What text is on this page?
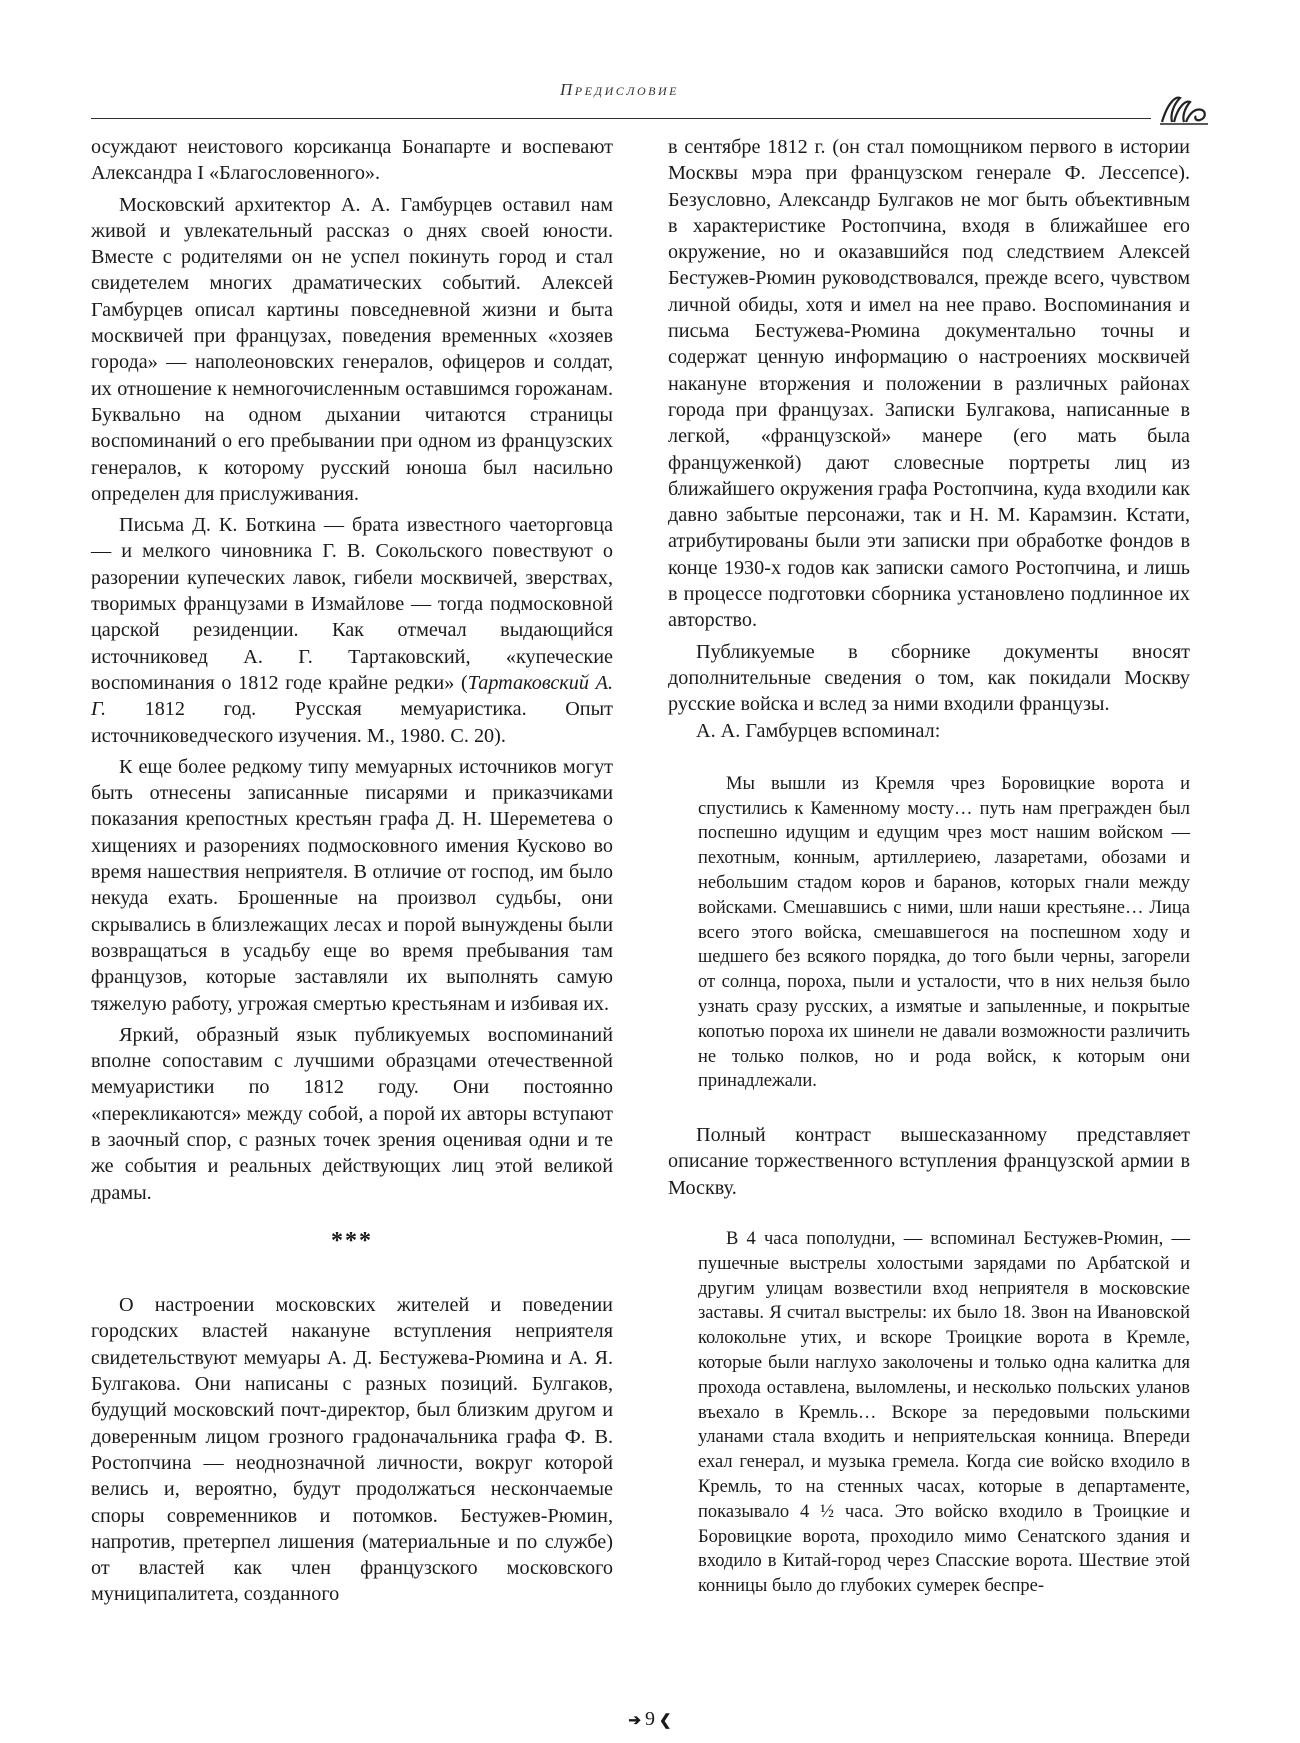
Предисловие

осуждают неистового корсиканца Бонапарте и воспевают Александра I «Благословенного».

Московский архитектор А. А. Гамбурцев оставил нам живой и увлекательный рассказ о днях своей юности. Вместе с родителями он не успел покинуть город и стал свидетелем многих драматических событий. Алексей Гамбурцев описал картины повседневной жизни и быта москвичей при французах, поведения временных «хозяев города» — наполеоновских генералов, офицеров и солдат, их отношение к немногочисленным оставшимся горожанам. Буквально на одном дыхании читаются страницы воспоминаний о его пребывании при одном из французских генералов, к которому русский юноша был насильно определен для прислуживания.

Письма Д. К. Боткина — брата известного чаеторговца — и мелкого чиновника Г. В. Сокольского повествуют о разорении купеческих лавок, гибели москвичей, зверствах, творимых французами в Измайлове — тогда подмосковной царской резиденции. Как отмечал выдающийся источниковед А. Г. Тартаковский, «купеческие воспоминания о 1812 годе крайне редки» (Тартаковский А. Г. 1812 год. Русская мемуаристика. Опыт источниковедческого изучения. М., 1980. С. 20).

К еще более редкому типу мемуарных источников могут быть отнесены записанные писарями и приказчиками показания крепостных крестьян графа Д. Н. Шереметева о хищениях и разорениях подмосковного имения Кусково во время нашествия неприятеля. В отличие от господ, им было некуда ехать. Брошенные на произвол судьбы, они скрывались в близлежащих лесах и порой вынуждены были возвращаться в усадьбу еще во время пребывания там французов, которые заставляли их выполнять самую тяжелую работу, угрожая смертью крестьянам и избивая их.

Яркий, образный язык публикуемых воспоминаний вполне сопоставим с лучшими образцами отечественной мемуаристики по 1812 году. Они постоянно «перекликаются» между собой, а порой их авторы вступают в заочный спор, с разных точек зрения оценивая одни и те же события и реальных действующих лиц этой великой драмы.

***

О настроении московских жителей и поведении городских властей накануне вступления неприятеля свидетельствуют мемуары А. Д. Бестужева-Рюмина и А. Я. Булгакова. Они написаны с разных позиций. Булгаков, будущий московский почт-директор, был близким другом и доверенным лицом грозного градоначальника графа Ф. В. Ростопчина — неоднозначной личности, вокруг которой велись и, вероятно, будут продолжаться нескончаемые споры современников и потомков. Бестужев-Рюмин, напротив, претерпел лишения (материальные и по службе) от властей как член французского московского муниципалитета, созданного

в сентябре 1812 г. (он стал помощником первого в истории Москвы мэра при французском генерале Ф. Лессепсе). Безусловно, Александр Булгаков не мог быть объективным в характеристике Ростопчина, входя в ближайшее его окружение, но и оказавшийся под следствием Алексей Бестужев-Рюмин руководствовался, прежде всего, чувством личной обиды, хотя и имел на нее право. Воспоминания и письма Бестужева-Рюмина документально точны и содержат ценную информацию о настроениях москвичей накануне вторжения и положении в различных районах города при французах. Записки Булгакова, написанные в легкой, «французской» манере (его мать была француженкой) дают словесные портреты лиц из ближайшего окружения графа Ростопчина, куда входили как давно забытые персонажи, так и Н. М. Карамзин. Кстати, атрибутированы были эти записки при обработке фондов в конце 1930-х годов как записки самого Ростопчина, и лишь в процессе подготовки сборника установлено подлинное их авторство.

Публикуемые в сборнике документы вносят дополнительные сведения о том, как покидали Москву русские войска и вслед за ними входили французы.

А. А. Гамбурцев вспоминал:

Мы вышли из Кремля чрез Боровицкие ворота и спустились к Каменному мосту… путь нам прегражден был поспешно идущим и едущим чрез мост нашим войском — пехотным, конным, артиллериею, лазаретами, обозами и небольшим стадом коров и баранов, которых гнали между войсками. Смешавшись с ними, шли наши крестьяне… Лица всего этого войска, смешавшегося на поспешном ходу и шедшего без всякого порядка, до того были черны, загорели от солнца, пороха, пыли и усталости, что в них нельзя было узнать сразу русских, а измятые и запыленные, и покрытые копотью пороха их шинели не давали возможности различить не только полков, но и рода войск, к которым они принадлежали.

Полный контраст вышесказанному представляет описание торжественного вступления французской армии в Москву.

В 4 часа пополудни, — вспоминал Бестужев-Рюмин, — пушечные выстрелы холостыми зарядами по Арбатской и другим улицам возвестили вход неприятеля в московские заставы. Я считал выстрелы: их было 18. Звон на Ивановской колокольне утих, и вскоре Троицкие ворота в Кремле, которые были наглухо заколочены и только одна калитка для прохода оставлена, выломлены, и несколько польских уланов въехало в Кремль… Вскоре за передовыми польскими уланами стала входить и неприятельская конница. Впереди ехал генерал, и музыка гремела. Когда сие войско входило в Кремль, то на стенных часах, которые в департаменте, показывало 4 ½ часа. Это войско входило в Троицкие и Боровицкие ворота, проходило мимо Сенатского здания и входило в Китай-город через Спасские ворота. Шествие этой конницы было до глубоких сумерек беспре-

➔ 9 ❮
